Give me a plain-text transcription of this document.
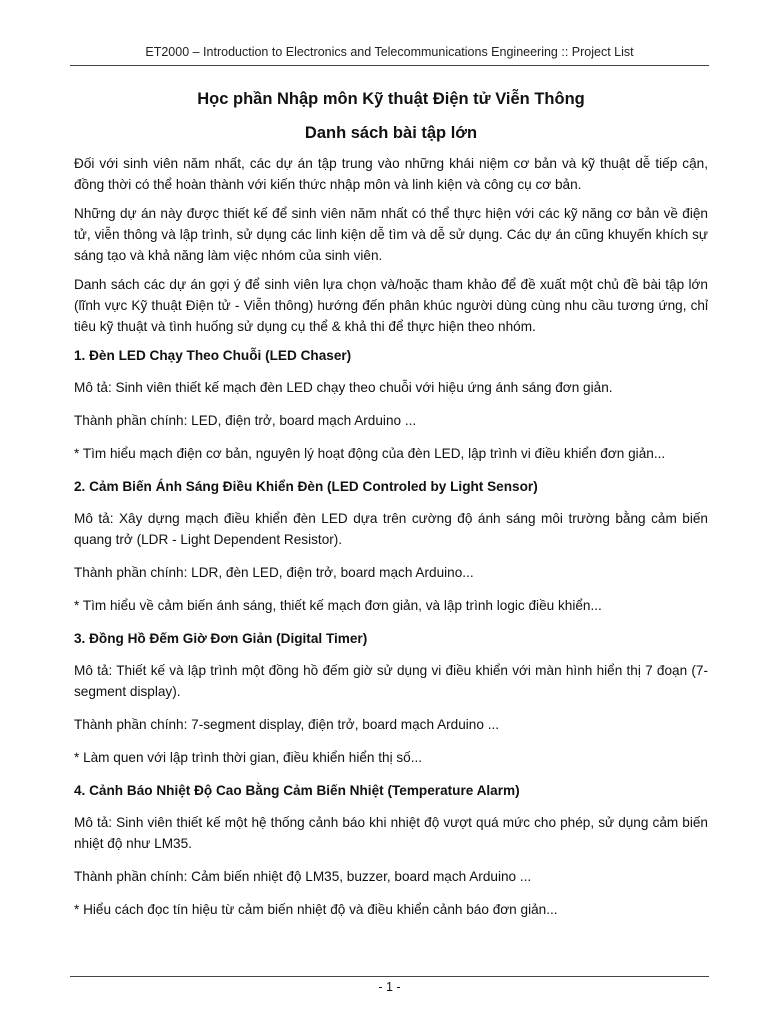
ET2000 – Introduction to Electronics and Telecommunications Engineering :: Project List
Học phần Nhập môn Kỹ thuật Điện tử Viễn Thông
Danh sách bài tập lớn

Đối với sinh viên năm nhất, các dự án tập trung vào những khái niệm cơ bản và kỹ thuật dễ tiếp cận, đồng thời có thể hoàn thành với kiến thức nhập môn và linh kiện và công cụ cơ bản.

Những dự án này được thiết kế để sinh viên năm nhất có thể thực hiện với các kỹ năng cơ bản về điện tử, viễn thông và lập trình, sử dụng các linh kiện dễ tìm và dễ sử dụng. Các dự án cũng khuyến khích sự sáng tạo và khả năng làm việc nhóm của sinh viên.

Danh sách các dự án gợi ý để sinh viên lựa chọn và/hoặc tham khảo để đề xuất một chủ đề bài tập lớn (lĩnh vực Kỹ thuật Điện tử - Viễn thông) hướng đến phân khúc người dùng cùng nhu cầu tương ứng, chỉ tiêu kỹ thuật và tình huống sử dụng cụ thể & khả thi để thực hiện theo nhóm.

1. Đèn LED Chạy Theo Chuỗi (LED Chaser)

Mô tả: Sinh viên thiết kế mạch đèn LED chạy theo chuỗi với hiệu ứng ánh sáng đơn giản.

Thành phần chính: LED, điện trở, board mạch Arduino ...

* Tìm hiểu mạch điện cơ bản, nguyên lý hoạt động của đèn LED, lập trình vi điều khiển đơn giản...

2. Cảm Biến Ánh Sáng Điều Khiển Đèn (LED Controled by Light Sensor)

Mô tả: Xây dựng mạch điều khiển đèn LED dựa trên cường độ ánh sáng môi trường bằng cảm biến quang trở (LDR - Light Dependent Resistor).

Thành phần chính: LDR, đèn LED, điện trở, board mạch Arduino...

* Tìm hiểu về cảm biến ánh sáng, thiết kế mạch đơn giản, và lập trình logic điều khiển...

3. Đồng Hồ Đếm Giờ Đơn Giản (Digital Timer)

Mô tả: Thiết kế và lập trình một đồng hồ đếm giờ sử dụng vi điều khiển với màn hình hiển thị 7 đoạn (7-segment display).

Thành phần chính: 7-segment display, điện trở, board mạch Arduino ...

* Làm quen với lập trình thời gian, điều khiển hiển thị số...

4. Cảnh Báo Nhiệt Độ Cao Bằng Cảm Biến Nhiệt (Temperature Alarm)

Mô tả: Sinh viên thiết kế một hệ thống cảnh báo khi nhiệt độ vượt quá mức cho phép, sử dụng cảm biến nhiệt độ như LM35.

Thành phần chính: Cảm biến nhiệt độ LM35, buzzer, board mạch Arduino ...

* Hiểu cách đọc tín hiệu từ cảm biến nhiệt độ và điều khiển cảnh báo đơn giản...

- 1 -
